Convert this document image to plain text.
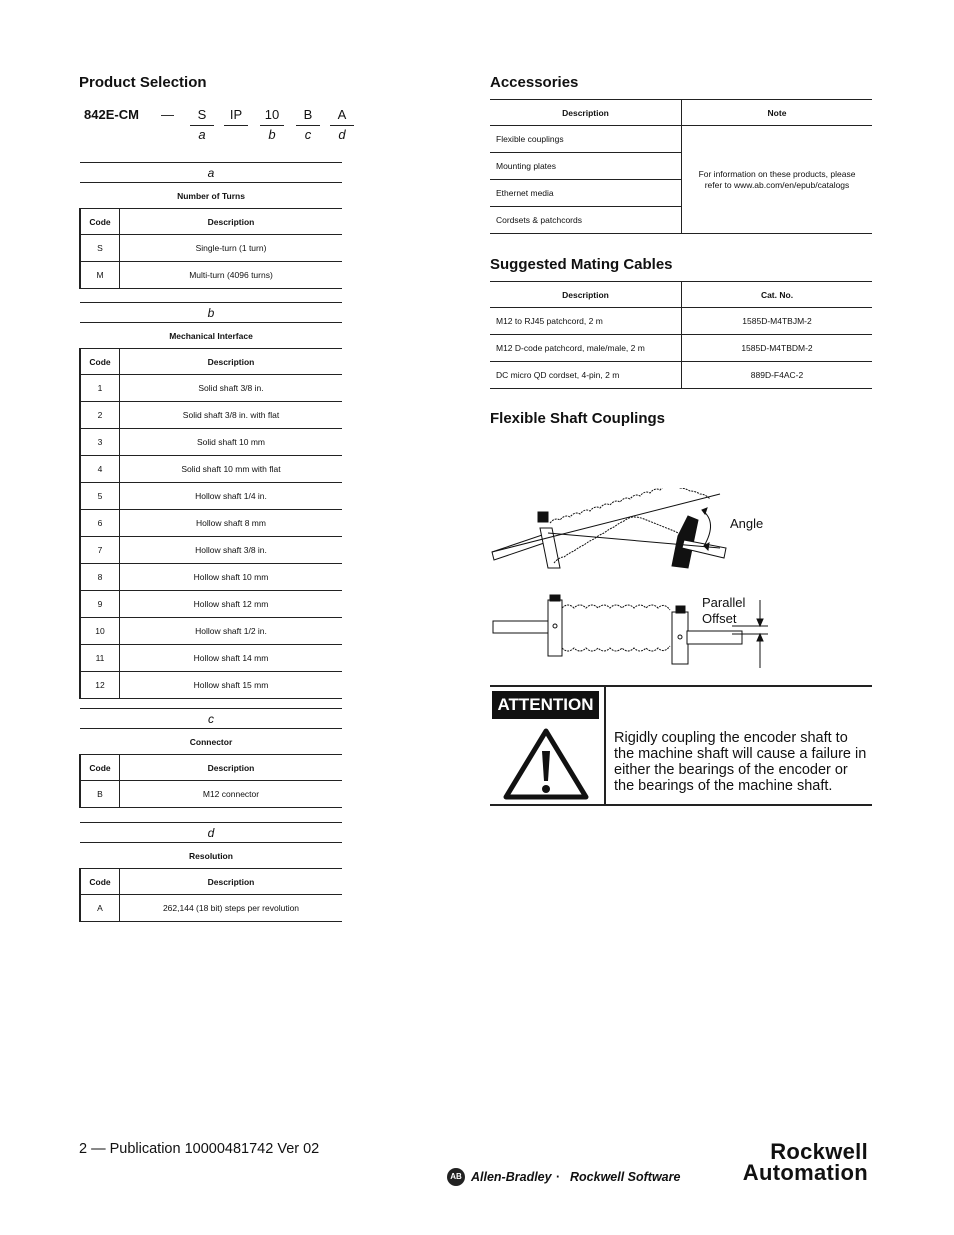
Product Selection
842E-CM —	S
a
IP	10
b
B
c
A
d
a	
Number of Turns	
Code	Description
S	Single-turn (1 turn)
M	Multi-turn (4096 turns)
b	
Mechanical Interface	
Code	Description
1	Solid shaft 3/8 in.
2	Solid shaft 3/8 in. with flat
3	Solid shaft 10 mm
4	Solid shaft 10 mm with flat
5	Hollow shaft 1/4 in.
6	Hollow shaft 8 mm
7	Hollow shaft 3/8 in.
8	Hollow shaft 10 mm
9	Hollow shaft 12 mm
10	Hollow shaft 1/2 in.
11	Hollow shaft 14 mm
12	Hollow shaft 15 mm
c	
Connector	
Code	Description
B	M12 connector
d	
Resolution	
Code	Description
A	262,144 (18 bit) steps per revolution
Accessories
Description	Note
Flexible couplings	For information on these products, please refer to www.ab.com/en/epub/catalogs
Mounting plates	
Ethernet media	
Cordsets & patchcords	
Suggested Mating Cables
Description	Cat. No.
M12 to RJ45 patchcord, 2 m	1585D-M4TBJM-2
M12 D-code patchcord, male/male, 2 m	1585D-M4TBDM-2
DC micro QD cordset, 4-pin, 2 m	889D-F4AC-2
Flexible Shaft Couplings
Angle
Parallel
Offset
ATTENTION
Rigidly coupling the encoder shaft to the machine shaft will cause a failure in either the bearings of the encoder or the bearings of the machine shaft.
2 — Publication 10000481742 Ver 02
AB Allen-Bradley · Rockwell Software
Rockwell
Automation
